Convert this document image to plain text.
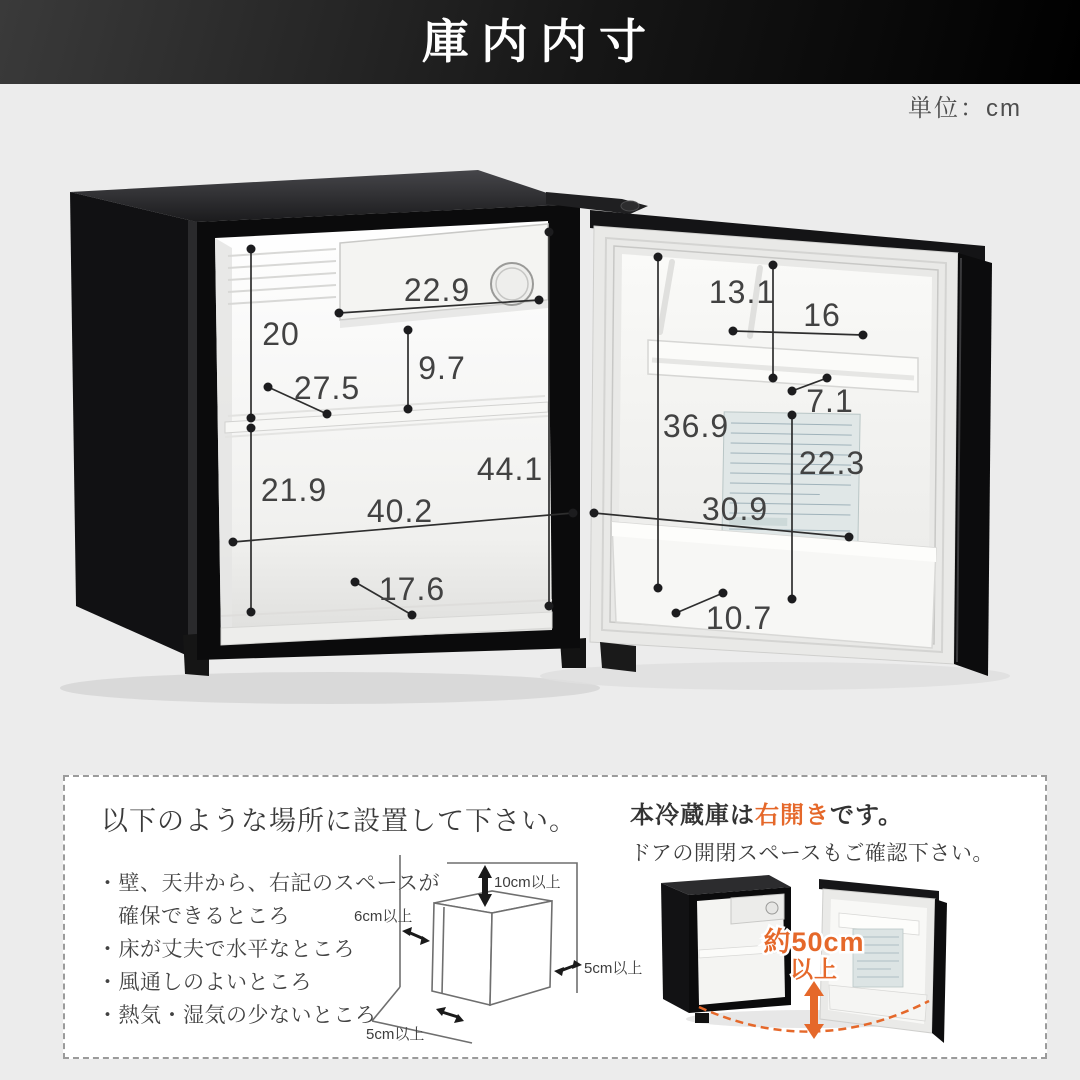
庫内内寸
単位：cm
22.9
20
9.7
27.5
44.1
21.9
40.2
17.6
13.1
16
7.1
36.9
22.3
30.9
10.7
以下のような場所に設置して下さい。
・壁、天井から、右記のスペースが
確保できるところ
・床が丈夫で水平なところ
・風通しのよいところ
・熱気・湿気の少ないところ
10cm以上
6cm以上
5cm以上
5cm以上
本冷蔵庫は右開きです。
ドアの開閉スペースもご確認下さい。
約50cm
以上
